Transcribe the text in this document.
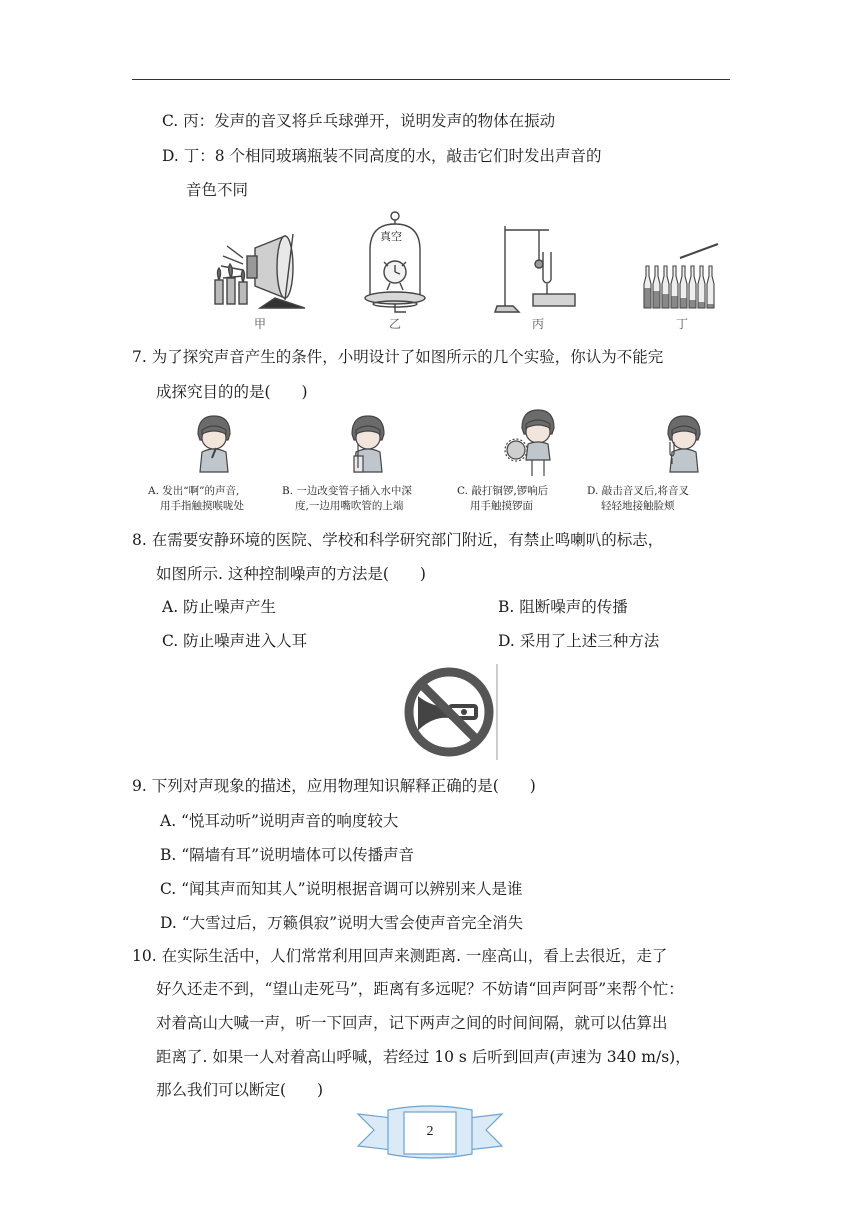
C. 丙：发声的音叉将乒乓球弹开，说明发声的物体在振动
D. 丁：8 个相同玻璃瓶装不同高度的水，敲击它们时发出声音的
音色不同
甲
真空
乙	丙	丁
7. 为了探究声音产生的条件，小明设计了如图所示的几个实验，你认为不能完
成探究目的的是(　　)
A. 发出“啊”的声音,
用手指触摸喉咙处
B. 一边改变管子插入水中深
度,一边用嘴吹管的上端
C. 敲打铜锣,锣响后
用手触摸锣面
D. 敲击音叉后,将音叉
轻轻地接触脸颊
8. 在需要安静环境的医院、学校和科学研究部门附近，有禁止鸣喇叭的标志，
如图所示. 这种控制噪声的方法是(　　)
A. 防止噪声产生	B. 阻断噪声的传播
C. 防止噪声进入人耳	D. 采用了上述三种方法
9. 下列对声现象的描述，应用物理知识解释正确的是(　　)
A. “悦耳动听”说明声音的响度较大
B. “隔墙有耳”说明墙体可以传播声音
C. “闻其声而知其人”说明根据音调可以辨别来人是谁
D. “大雪过后，万籁俱寂”说明大雪会使声音完全消失
10. 在实际生活中，人们常常利用回声来测距离. 一座高山，看上去很近，走了
好久还走不到，“望山走死马”，距离有多远呢？不妨请“回声阿哥”来帮个忙：
对着高山大喊一声，听一下回声，记下两声之间的时间间隔，就可以估算出
距离了. 如果一人对着高山呼喊，若经过 10 s 后听到回声(声速为 340 m/s)，
那么我们可以断定(　　)
2
